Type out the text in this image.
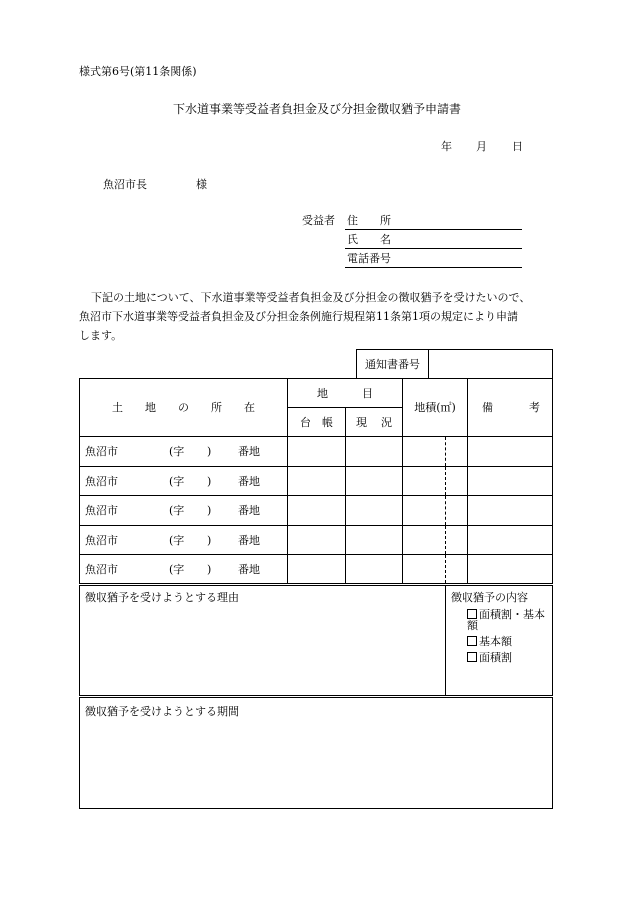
様式第6号(第11条関係)
下水道事業等受益者負担金及び分担金徴収猶予申請書
年 月 日
魚沼市長	様
受益者 住　　所
氏　　名
電話番号
下記の土地について、下水道事業等受益者負担金及び分担金の徴収猶予を受けたいので、
魚沼市下水道事業等受益者負担金及び分担金条例施行規程第11条第1項の規定により申請
します。
通知書番号	
土 地 の 所 在	地 目		地積(㎡)		備 考

	台 帳	現 況			

魚沼市 (字 ) 番地					

魚沼市 (字 ) 番地					

魚沼市 (字 ) 番地					

魚沼市 (字 ) 番地					

魚沼市 (字 ) 番地					

徴収猶予を受けようとする理由				徴収猶予の内容
面積割・基本額
基本額
面積割	

徴収猶予を受けようとする期間					
